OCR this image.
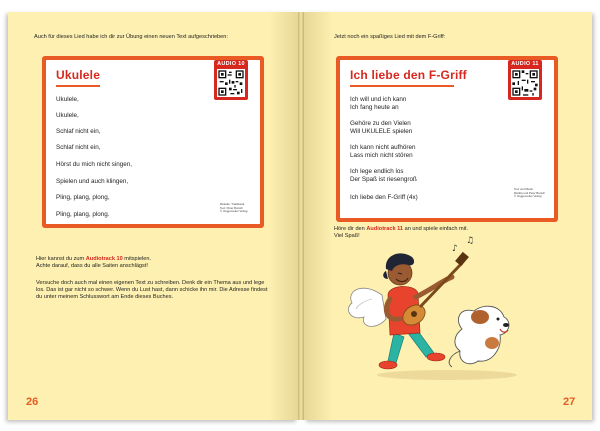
Auch für dieses Lied habe ich dir zur Übung einen neuen Text aufgeschrieben:
Ukulele
AUDIO 10
Ukulele,
Ukulele,
Schlaf nicht ein,
Schlaf nicht ein,
Hörst du mich nicht singen,
Spielen und auch klingen,
Pling, plang, plong,
Pling, plang, plong.
Melodie: Traditional
Text: Peter Bursch
© Voggenreiter Verlag

Hier kannst du zum Audiotrack 10 mitspielen.

Achte darauf, dass du alle Saiten anschlägst!

Versuche doch auch mal einen eigenen Text zu schreiben. Denk dir ein Thema aus und lege

los. Das ist gar nicht so schwer. Wenn du Lust hast, dann schicke ihn mir. Die Adresse findest

du unter meinem Schlusswort am Ende dieses Buches.

26
Jetzt noch ein spaßiges Lied mit dem F-Griff:
Ich liebe den F-Griff
AUDIO 11
Ich will und ich kann
Ich fang heute an
Gehöre zu den Vielen
Will UKULELE spielen
Ich kann nicht aufhören
Lass mich nicht stören
Ich lege endlich los
Der Spaß ist riesengroß
Ich liebe den F-Griff (4x)
Text und Musik:
Martha und Peter Bursch
© Voggenreiter Verlag

Höre dir den Audiotrack 11 an und spiele einfach mit.

Viel Spaß!

♪
♫
27
